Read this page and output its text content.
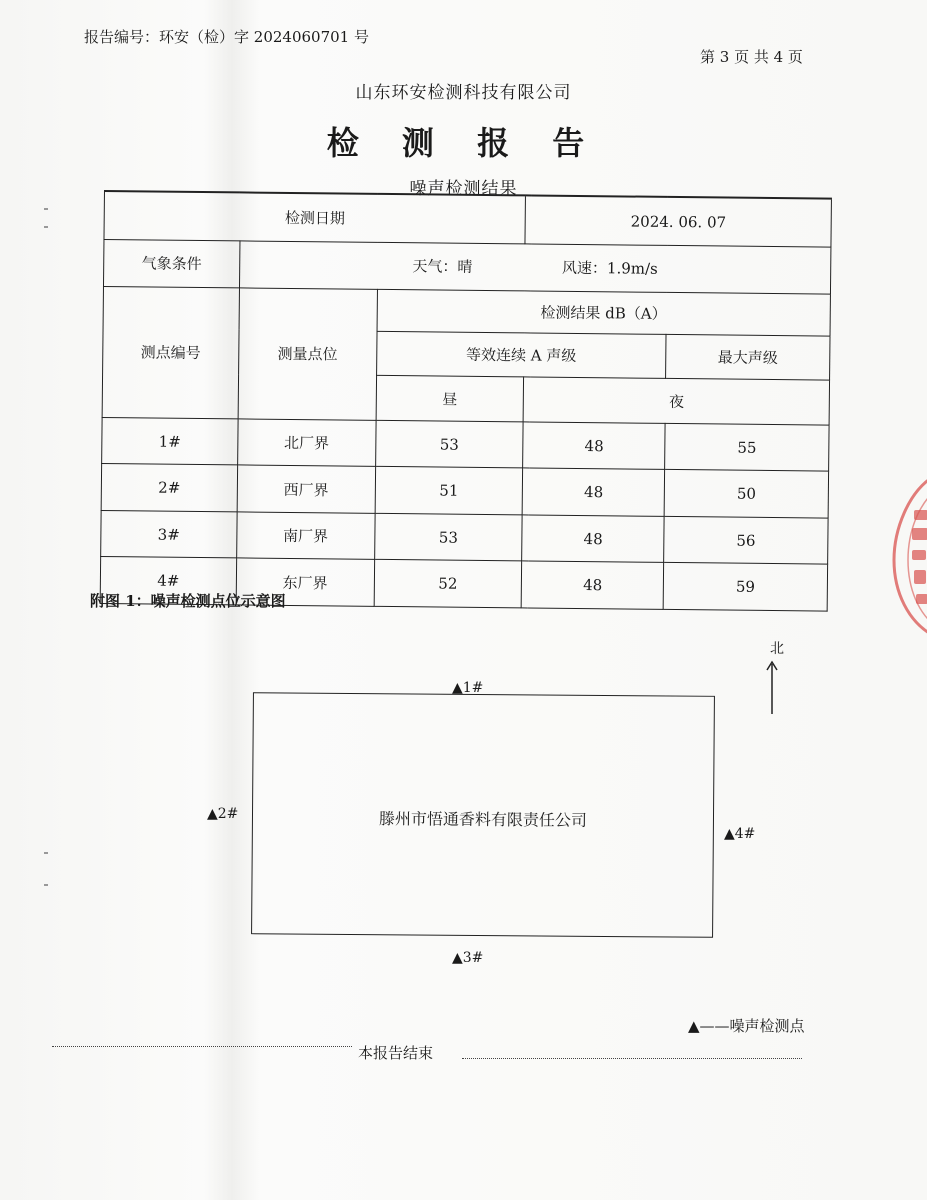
报告编号：环安（检）字 2024060701 号
第 3 页 共 4 页
山东环安检测科技有限公司
检 测 报 告
噪声检测结果
检测日期			2024. 06. 07	
气象条件	天气：晴 风速：1.9m/s			
测点编号	测量点位	检测结果 dB（A）		
		等效连续 A 声级		最大声级
		昼	夜	
1#	北厂界	53	48	55
2#	西厂界	51	48	50
3#	南厂界	53	48	56
4#	东厂界	52	48	59
附图 1：噪声检测点位示意图
北
滕州市悟通香料有限责任公司
▲1#
▲2#
▲3#
▲4#
▲——噪声检测点
本报告结束
